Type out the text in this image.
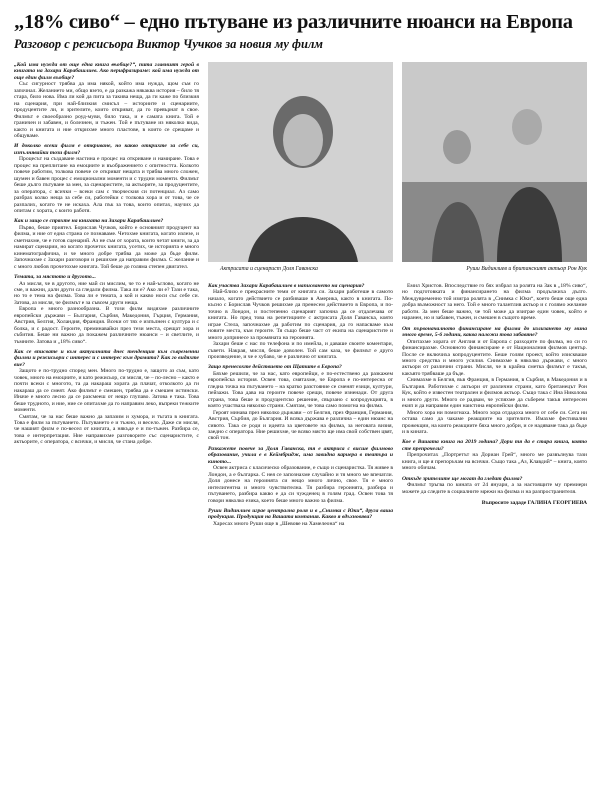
„18% сиво“ – едно пътуване из различните нюанси на Европа
Разговор с режисьора Виктор Чучков за новия му филм

„Кой има нужда от още една книга в̶ъобще?“, пита главният герой в книгата на Захари Карабашлиев. Ако перифразираме: кой има нужда от още един филм въобще?

Със сигурност трябва да има някой, който има нужда, щом съм го започнал. Желанието ми, общо взето, е да разкажа някаква история – било тя стара, било нова. Има ли кой да пита за такива неща, да ги каже по близкия на сценария, при най-близкия смисъл – историите и сценариите, продуцентите ли, и зрителите, които откриват, да го превърнат в свое. Филмът е своеобразно роуд-муви, било така, и е самата книга. Той е граничен и забавен, и болезнен, и тъжен. Той е пътуване из няколко вида, както и книгата и ние открихме много пластове, в които се срещаме и общуваме.

И доколко всеки филм е откриване, но какво открихте за себе си, изпълнявайки този филм?

Процесът на създаване настина е процес на откриване и намиране. Това е процес на преплитане на емоциите и въображението с опитността. Колкото повече работим, толкова повече се откриват нещата и трябва много сложен, шумен и бавен процес с емоционални моменти и с трудни моменти. Филмът беше дълго пътуване за мен, за сценаристите, за актьорите, за продуцентите, за операторa, с всички – всеки сам с творческия си потенциал. Аз само разбрах колко неща за себе си, работейки с толкова хора и от това, че се разпалих, когато те не искаха. Ала пък за това, които опитах, научих да опитам с хората, с които работя.

Как и защо се спряхте на книгата на Захари Карабашлиев?

Първо, беше приятел. Бориcлав Чучков, който е основният продуцент на филма, и ние от една страна се познаваме. Четохме книгата, когато излезе, и сметнахме, че е готов сценарий. Аз не съм от хората, които четат книги, за да намират сценарии, но когато прочетох книгата, усетих, че историята е много кинематографична, и че много добре трябва да може да бъде филм. Започнахме с Захари разговори и решихме да направим филма. С желание и с много любов прочетохме книгата. Той беше до голяма степен двигател.

Темата, за мястото и другото...

Аз мисля, че в другото, ние май си мислим, че то е най-ъглово, когато не сме, и важни, дали други са гледали филма. Така ли е? Ако ли е? Тази е така, но то е тема на филма. Това ли е темата, а кой и какво носи със себе си. Затова, аз мисля, че филмът е за съвсем други неща.

Европа е много разнообразна. В този филм видяхме различните европейски държави – България, Сърбия, Македония, Гърция, Германия, Австрия, Белгия, Холандия, Франция. Всеки от тях е изпълнен с култура и с болка, и с радост. Героите, преминавайки през тези места, срещат хора и събития. Беше ни важно да покажем различните нюанси – и светлите, и тъмните. Затова и „18% сиво“.

Как се вписвате и към актуалната днес тенденция към съвременни филми и режисьори с интерес и с интерес към драмата? Как го видяхте вие?

Защото е по-трудно според мен. Много по-трудно е, защото аз съм, като човек, много на емоциите, и като режисьор, си мисля, че – по-лесно – както е почти всеки с многото, та да накараш хората да плачат, отколкото да ги накараш да се смеят. Ако филмът е смешен, трябва да е смешен истински. Иначе е много лесно да се разсмееш от нещо глупаво. Затова е така. Това беше трудното, и ние, ние се опитахме да го направим леко, въпреки тежките моменти.

Смятам, че за нас беше важно да запазим и хумора, и тъгата в книгата. Това е филм за пътуването. Пътуването е и тъжно, и весело. Даже си мисля, че нашият филм е по-весел от книгата, а някъде е и по-тъжен. Разбира се, това е интерпретация. Ние направихме разговорите със сценаристите, с актьорите, с оператора, с всички, и мисля, че стана добре.

Актрисата и сценарист Доля Гаванска	Руши Видинлиев и британският актьор Рон Кук

Как участва Захари Карабашлиев в написването на сценария?

Най-близо е прекрасните теми от книгата си. Захари работеше в самото начало, когато действието се разбиваше в Америка, както в книгата. По-късно с Борислав Чучков решихме да пренесем действието в Европа, и по-точно в Лондон, и постепенно сценарият започна да се отдалечава от книгата. Но пред това на репетициите с актрисата Доля Гаванска, която играе Стела, започнахме да работим по сценария, да го напасваме към новите места, към героите. Тя също беше част от екипа на сценаристите и много допринесе за промяната на героинята.

Захари беше с нас по телефона и по имейла, и даваше своите коментари, съвети. Накрая, мисля, беше доволен. Той сам каза, че филмът е друго произведение, и че е хубаво, че е различно от книгата.

Защо пренесохте действието от Щатите в Европа?

Бяхме решили, че за нас, като европейци, е по-естествено да разкажем европейска история. Освен това, смятахме, че Европа е по-интересна от гледна точка на пътуването – на кратко разстояние се сменят езици, култури, пейзажи. Това дава на героите повече срещи, повече изненади. От друга страна, това беше и продуцентско решение, свързано с копродукцията, в която участваха няколко страни. Смятам, че това само помогна на филма.

Героят минава през няколко държави – от Белгия, през Франция, Германия, Австрия, Сърбия, до България. И всяка държава е различна – един нюанс на сивото. Така се роди и идеята за цветовете на филма, за неговата визия, заедно с оператора. Ние решихме, че всяко място ще има свой собствен цвят, свой тон.

Разкажете повече за Доля Гаванска, тя е актриса с висше филмово образование, учила е в Кеймбридж, има завидна кариера в театъра и киното...

Освен актриса с класическо образование, е също и сценаристка. Тя живее в Лондон, а е българка. С нея се запознахме случайно и тя много ме впечатли. Доля донесе на героинята си нещо много лично, свое. Тя е много интелигентна и много чувствителна. Тя разбира героинята, разбира и пътуването, разбира какво е да си чужденец в голям град. Освен това тя говори няколко езика, което беше много важно за филма.

Руши Видинлиев играе централна роля и в „Снимка с Юки“, друга ваша продукция. Продукция на Вашата компания. Какво я вдъхновява?

Харесах много Руши още в „Шевове на Хамелеона“ на

Емил Христов. Впоследствие го бях избрал за ролята на Зак в „18% сиво“, но подготовката и финансирането на филма продължиха дълго. Междувременно той изигра ролята в „Снимка с Юки“, което беше още една добра възможност за него. Той е много талантлив актьор и с голямо желание работи. За мен беше важно, че той може да изиграе един човек, който е наранен, но и забавен, тъжен, и смешен в същото време.

От първоначалното финансиране на филма до излизането му мина много време, 5-6 години, каква наложи това забавяне?

Опитахме хората от Англия и от Европа с разходите по филма, но си го финансирахме. Основното финансиране е от Националния филмов център. После се включиха копродуцентите. Беше голям проект, който изискваше много средства и много усилия. Снимахме в няколко държави, с много актьори от различни страни. Мисля, че в крайна сметка филмът е такъв, какъвто трябваше да бъде.

Снимахме в Белгия, във Франция, в Германия, в Сърбия, в Македония и в България. Работихме с актьори от различни страни, като британецът Рон Кук, който е известен театрален и филмов актьор. Също така с Ина Николова и много други. Много се радвам, че успяхме да съберем такъв интересен екип и да направим един наистина европейски филм.

Много хора ни помогнаха. Много хора отдадоха много от себе си. Сега ни остава само да чакаме реакциите на зрителите. Имахме фестивални прожекции, на които реакциите бяха много добри, и се надяваме така да бъде и в кината.

Кое е Вашата книга на 2019 година? Дори тя да е стара книга, която сте препрочели?

Препрочитах „Портретът на Дориан Грей“, много ме развълнува тази книга, и ще я препоръчам на всички. Също така „Аз, Клавдий“ – книга, която много обичам.

Откъде зрителите ще могат да гледат филма?

Филмът тръгва по кината от 24 януари, а за настоящите му премиери можете да следите в социалните мрежи на филма и на разпространителя.

Въпросите зададе ГАЛИНА ГЕОРГИЕВА
